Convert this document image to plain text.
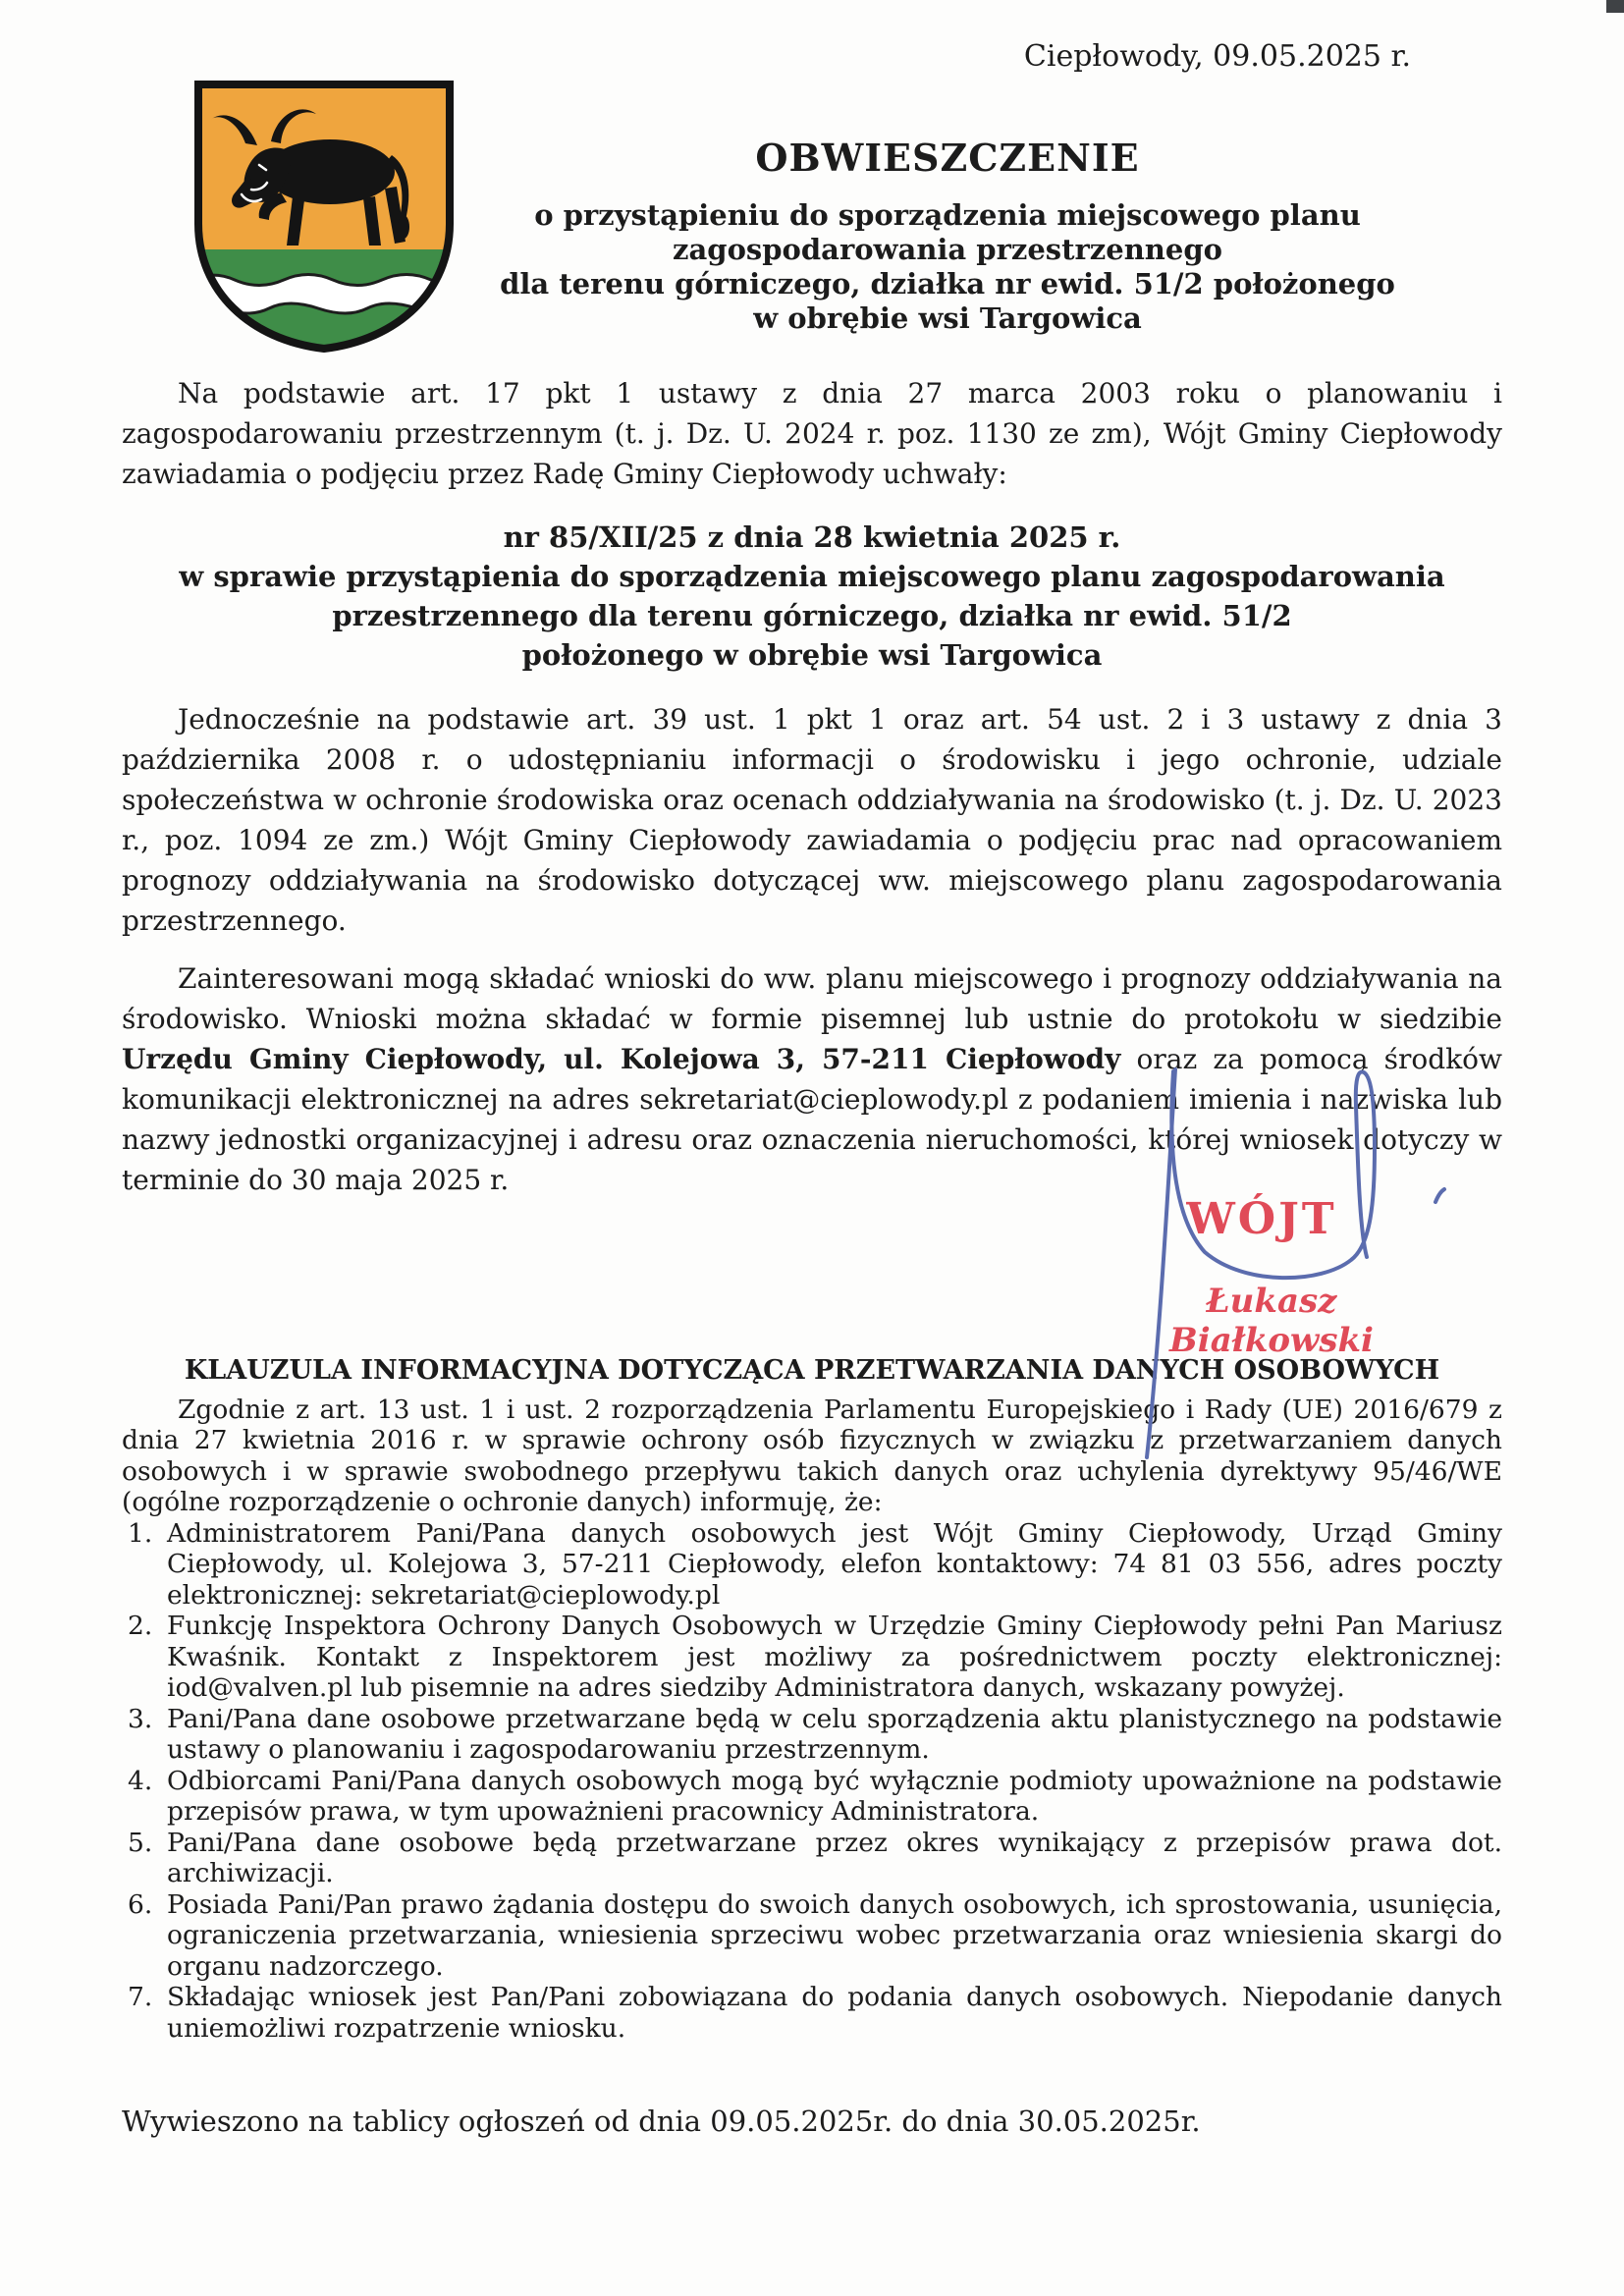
Ciepłowody, 09.05.2025 r.
OBWIESZCZENIE
o przystąpieniu do sporządzenia miejscowego planu
zagospodarowania przestrzennego
dla terenu górniczego, działka nr ewid. 51/2 położonego
w obrębie wsi Targowica
Na podstawie art. 17 pkt 1 ustawy z dnia 27 marca 2003 roku o planowaniu i zagospodarowaniu przestrzennym (t. j. Dz. U. 2024 r. poz. 1130 ze zm), Wójt Gminy Ciepłowody zawiadamia o podjęciu przez Radę Gminy Ciepłowody uchwały:
nr 85/XII/25 z dnia 28 kwietnia 2025 r.
w sprawie przystąpienia do sporządzenia miejscowego planu zagospodarowania
przestrzennego dla terenu górniczego, działka nr ewid. 51/2
położonego w obrębie wsi Targowica
Jednocześnie na podstawie art. 39 ust. 1 pkt 1 oraz art. 54 ust. 2 i 3 ustawy z dnia 3 października 2008 r. o udostępnianiu informacji o środowisku i jego ochronie, udziale społeczeństwa w ochronie środowiska oraz ocenach oddziaływania na środowisko (t. j. Dz. U. 2023 r., poz. 1094 ze zm.) Wójt Gminy Ciepłowody zawiadamia o podjęciu prac nad opracowaniem prognozy oddziaływania na środowisko dotyczącej ww. miejscowego planu zagospodarowania przestrzennego.
Zainteresowani mogą składać wnioski do ww. planu miejscowego i prognozy oddziaływania na środowisko. Wnioski można składać w formie pisemnej lub ustnie do protokołu w siedzibie Urzędu Gminy Ciepłowody, ul. Kolejowa 3, 57-211 Ciepłowody oraz za pomocą środków komunikacji elektronicznej na adres sekretariat@cieplowody.pl z podaniem imienia i nazwiska lub nazwy jednostki organizacyjnej i adresu oraz oznaczenia nieruchomości, której wniosek dotyczy w terminie do 30 maja 2025 r.
WÓJT
Łukasz Białkowski
KLAUZULA INFORMACYJNA DOTYCZĄCA PRZETWARZANIA DANYCH OSOBOWYCH

Zgodnie z art. 13 ust. 1 i ust. 2 rozporządzenia Parlamentu Europejskiego i Rady (UE) 2016/679 z dnia 27 kwietnia 2016 r. w sprawie ochrony osób fizycznych w związku z przetwarzaniem danych osobowych i w sprawie swobodnego przepływu takich danych oraz uchylenia dyrektywy 95/46/WE (ogólne rozporządzenie o ochronie danych) informuję, że:

Administratorem Pani/Pana danych osobowych jest Wójt Gminy Ciepłowody, Urząd Gminy Ciepłowody, ul. Kolejowa 3, 57-211 Ciepłowody, elefon kontaktowy: 74 81 03 556, adres poczty elektronicznej: sekretariat@cieplowody.pl
Funkcję Inspektora Ochrony Danych Osobowych w Urzędzie Gminy Ciepłowody pełni Pan Mariusz Kwaśnik. Kontakt z Inspektorem jest możliwy za pośrednictwem poczty elektronicznej: iod@valven.pl lub pisemnie na adres siedziby Administratora danych, wskazany powyżej.
Pani/Pana dane osobowe przetwarzane będą w celu sporządzenia aktu planistycznego na podstawie ustawy o planowaniu i zagospodarowaniu przestrzennym.
Odbiorcami Pani/Pana danych osobowych mogą być wyłącznie podmioty upoważnione na podstawie przepisów prawa, w tym upoważnieni pracownicy Administratora.
Pani/Pana dane osobowe będą przetwarzane przez okres wynikający z przepisów prawa dot. archiwizacji.
Posiada Pani/Pan prawo żądania dostępu do swoich danych osobowych, ich sprostowania, usunięcia, ograniczenia przetwarzania, wniesienia sprzeciwu wobec przetwarzania oraz wniesienia skargi do organu nadzorczego.
Składając wniosek jest Pan/Pani zobowiązana do podania danych osobowych. Niepodanie danych uniemożliwi rozpatrzenie wniosku.
Wywieszono na tablicy ogłoszeń od dnia 09.05.2025r. do dnia 30.05.2025r.
